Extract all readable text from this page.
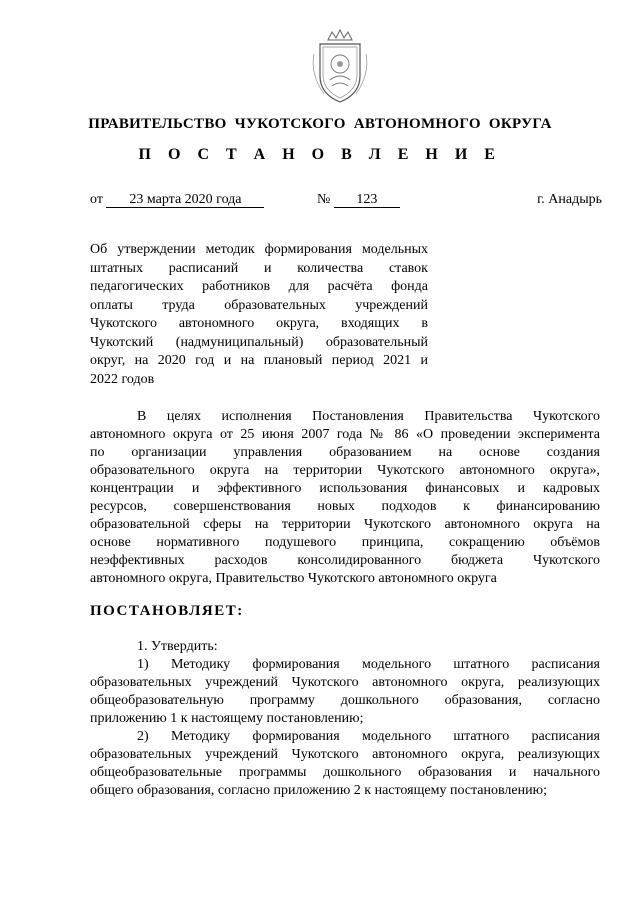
ПРАВИТЕЛЬСТВО ЧУКОТСКОГО АВТОНОМНОГО ОКРУГА
П О С Т А Н О В Л Е Н И Е
от 23 марта 2020 года	№ 123	г. Анадырь
Об утверждении методик формирования модельных
штатных расписаний и количества ставок
педагогических работников для расчёта фонда
оплаты труда образовательных учреждений
Чукотского автономного округа, входящих в
Чукотский (надмуниципальный) образовательный
округ, на 2020 год и на плановый период 2021 и
2022 годов
В целях исполнения Постановления Правительства Чукотского
автономного округа от 25 июня 2007 года № 86 «О проведении эксперимента
по организации управления образованием на основе создания
образовательного округа на территории Чукотского автономного округа»,
концентрации и эффективного использования финансовых и кадровых
ресурсов, совершенствования новых подходов к финансированию
образовательной сферы на территории Чукотского автономного округа на
основе нормативного подушевого принципа, сокращению объёмов
неэффективных расходов консолидированного бюджета Чукотского
автономного округа, Правительство Чукотского автономного округа
ПОСТАНОВЛЯЕТ:
1. Утвердить:
1) Методику формирования модельного штатного расписания
образовательных учреждений Чукотского автономного округа, реализующих
общеобразовательную программу дошкольного образования, согласно
приложению 1 к настоящему постановлению;
2) Методику формирования модельного штатного расписания
образовательных учреждений Чукотского автономного округа, реализующих
общеобразовательные программы дошкольного образования и начального
общего образования, согласно приложению 2 к настоящему постановлению;
